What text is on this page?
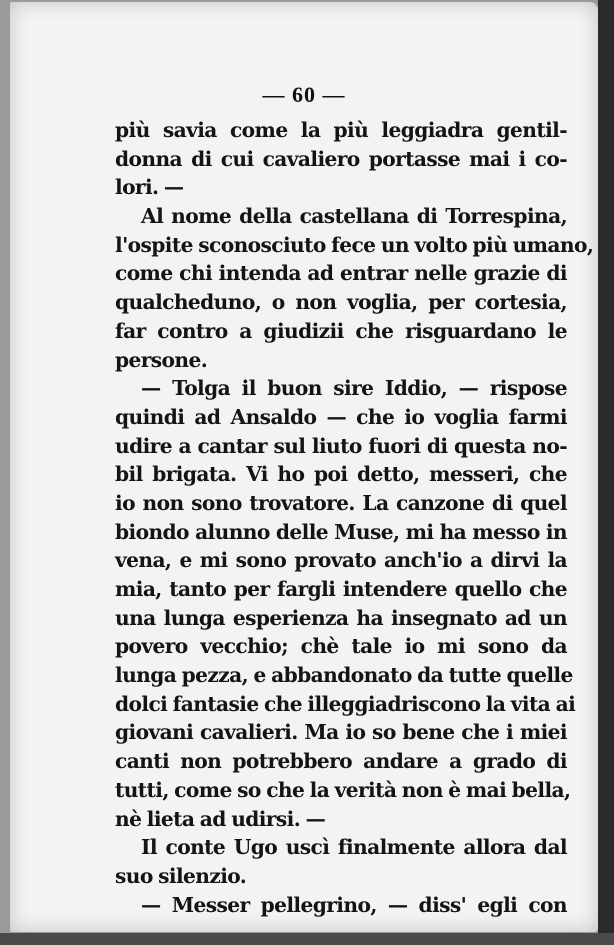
— 60 —
più savia come la più leggiadra gentil-
donna di cui cavaliero portasse mai i co-
lori. —
Al nome della castellana di Torrespina,
l'ospite sconosciuto fece un volto più umano,
come chi intenda ad entrar nelle grazie di
qualcheduno, o non voglia, per cortesia,
far contro a giudizii che risguardano le
persone.
— Tolga il buon sire Iddio, — rispose
quindi ad Ansaldo — che io voglia farmi
udire a cantar sul liuto fuori di questa no-
bil brigata. Vi ho poi detto, messeri, che
io non sono trovatore. La canzone di quel
biondo alunno delle Muse, mi ha messo in
vena, e mi sono provato anch'io a dirvi la
mia, tanto per fargli intendere quello che
una lunga esperienza ha insegnato ad un
povero vecchio; chè tale io mi sono da
lunga pezza, e abbandonato da tutte quelle
dolci fantasie che illeggiadriscono la vita ai
giovani cavalieri. Ma io so bene che i miei
canti non potrebbero andare a grado di
tutti, come so che la verità non è mai bella,
nè lieta ad udirsi. —
Il conte Ugo uscì finalmente allora dal
suo silenzio.
— Messer pellegrino, — diss' egli con
